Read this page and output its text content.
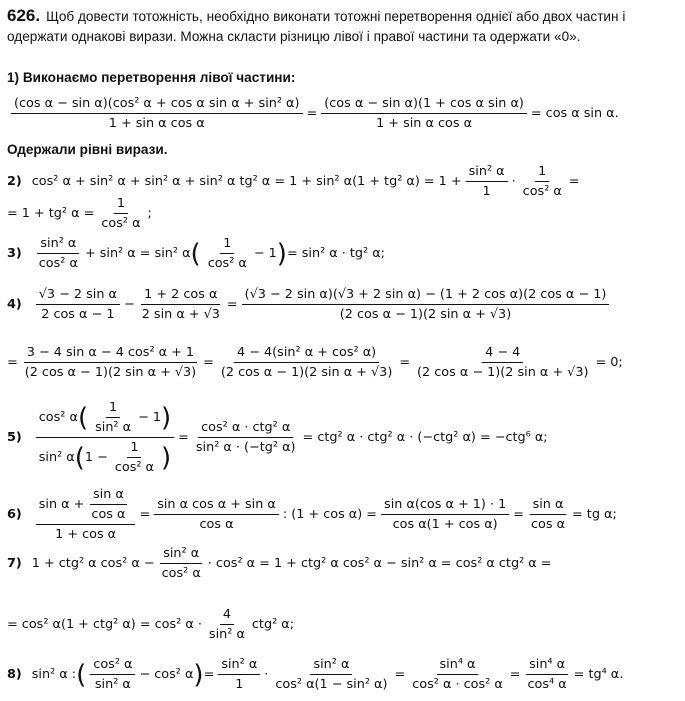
626. Щоб довести тотожність, необхідно виконати тотожні перетворення однієї або двох частин і одержати однакові вирази. Можна скласти різницю лівої і правої частини та одержати «0».
1) Виконаємо перетворення лівої частини:
$\frac{\text{(cos α − sin α)(cos² α + cos α sin α + sin² α)}}{\text{1 + sin α cos α}} = \frac{\text{(cos α − sin α)(1 + cos α sin α)}}{\text{1 + sin α cos α}} = \cos \alpha$ sin α.
Одержали рівні вирази.
2) cos² α + sin² α + sin² α + sin² α tg² α = 1 + sin² α(1 + tg² $\alpha) = 1 + \frac{\text{sin² α}}{1} \cdot \frac{1}{\text{cos² α}}$ =
= 1 + tg² $\alpha = \frac{1}{\text{cos² α}}$ ;
$3) \frac{\text{sin² α}}{\text{cos² α}} + \sin^2$ α = sin² α ( $\frac{1}{\text{cos² α}} - 1$ ) = sin² α · tg² α;
$4) \frac{\text{√3 − 2 sin α}}{\text{2 cos α − 1}} - \frac{\text{1 + 2 cos α}}{\text{2 sin α + √3}} = \frac{\text{(√3 − 2 sin α)(√3 + 2 sin α) − (1 + 2 cos α)(2 cos α − 1)}}{\text{(2 cos α − 1)(2 sin α + √3)}}$
= $\frac{\text{3 − 4 sin α − 4 cos² α + 1}}{\text{(2 cos α − 1)(2 sin α + √3)}} = \frac{\text{4 − 4(sin² α + cos² α)}}{\text{(2 cos α − 1)(2 sin α + √3)}} = \frac{4 - 4}{\text{(2 cos α − 1)(2 sin α + √3)}} = 0$;
5)
cos² α ( $\frac{1}{\text{sin² α}} - 1$ )
sin² α ( $1 - \frac{1}{\text{cos² α}}$ )
= $\frac{\text{cos² α · ctg² α}}{\text{sin² α · (−tg² α)}} = ctg^2$ α · ctg² α · (−ctg² α) = −ctg⁶ α;
$6) \frac{\sin \alpha + \frac{\text{sin α}}{\text{cos α}}}{\text{1 + cos α}} = \frac{\text{sin α cos α + sin α}}{\text{cos α}}$ : $(1 + \cos \alpha) = \frac{\text{sin α(cos α + 1) · 1}}{\text{cos α(1 + cos α)}} = \frac{\text{sin α}}{\text{cos α}}$ = tg α;
7) 1 + ctg² α cos² $\alpha - \frac{\text{sin² α}}{\text{cos² α}} \cdot \cos^2$ α = 1 + ctg² α cos² α − sin² α = cos² α ctg² α =
= cos² α(1 + ctg² α) = cos² $\alpha \cdot \frac{4}{\text{sin² α}} ctg^2$ α;
8) sin² α : ( $\frac{\text{cos² α}}{\text{sin² α}} - \cos^2$ α ) = $\frac{\text{sin² α}}{1} \cdot \frac{\text{sin² α}}{\text{cos² α(1 − sin² α)}} = \frac{\text{sin⁴ α}}{\text{cos² α · cos² α}} = \frac{\text{sin⁴ α}}{\text{cos⁴ α}} = tg^4$ α.
